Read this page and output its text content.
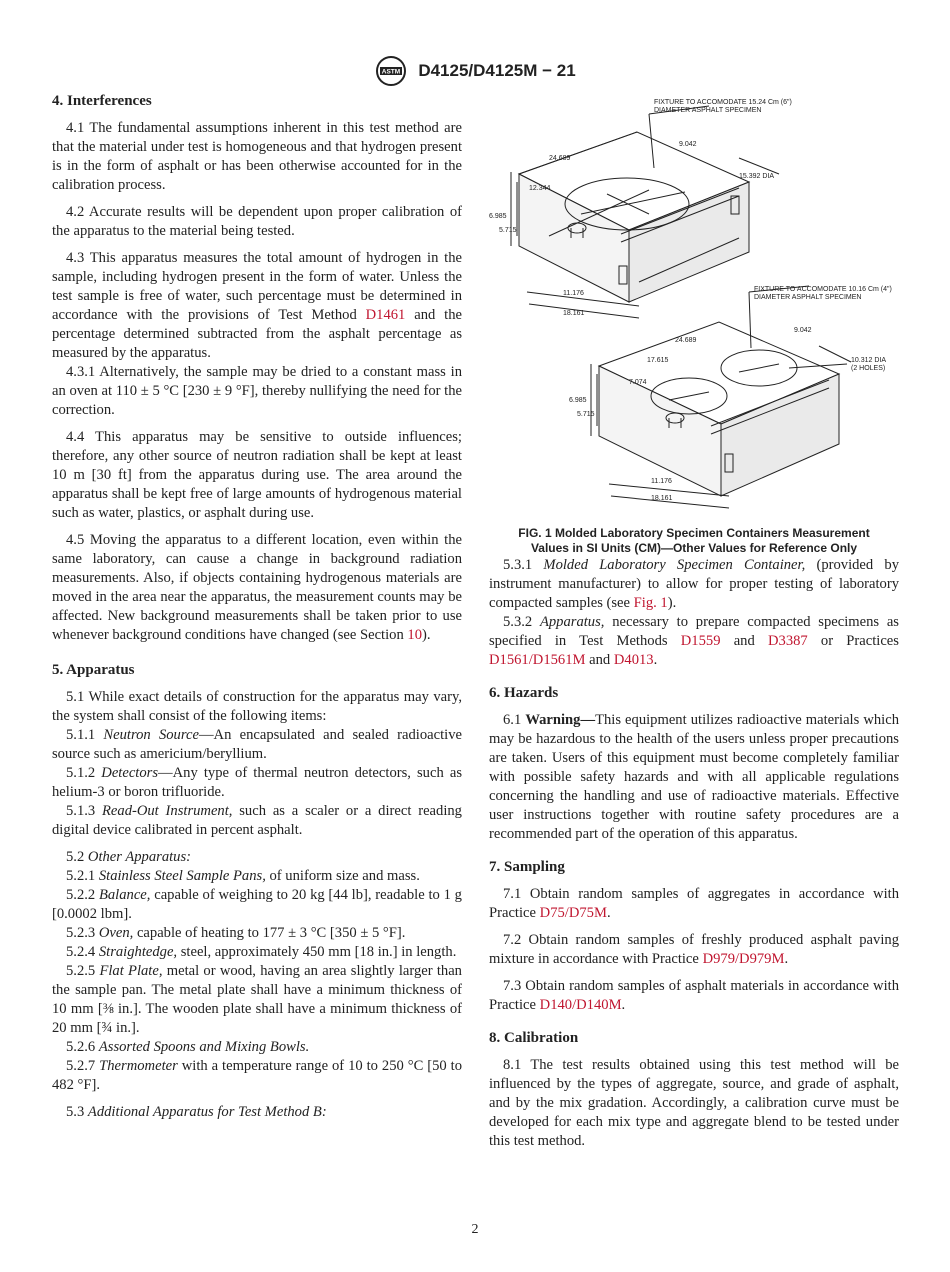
ASTM D4125/D4125M − 21
4. Interferences

4.1 The fundamental assumptions inherent in this test method are that the material under test is homogeneous and that hydrogen present is in the form of asphalt or has been otherwise accounted for in the calibration process.

4.2 Accurate results will be dependent upon proper calibration of the apparatus to the material being tested.

4.3 This apparatus measures the total amount of hydrogen in the sample, including hydrogen present in the form of water. Unless the test sample is free of water, such percentage must be determined in accordance with the provisions of Test Method D1461 and the percentage determined subtracted from the asphalt percentage as measured by the apparatus.

4.3.1 Alternatively, the sample may be dried to a constant mass in an oven at 110 ± 5 °C [230 ± 9 °F], thereby nullifying the need for the correction.

4.4 This apparatus may be sensitive to outside influences; therefore, any other source of neutron radiation shall be kept at least 10 m [30 ft] from the apparatus during use. The area around the apparatus shall be kept free of large amounts of hydrogenous material such as water, plastics, or asphalt during use.

4.5 Moving the apparatus to a different location, even within the same laboratory, can cause a change in background radiation measurements. Also, if objects containing hydrogenous materials are moved in the area near the apparatus, the measurement counts may be affected. New background measurements shall be taken prior to use whenever background conditions have changed (see Section 10).

5. Apparatus

5.1 While exact details of construction for the apparatus may vary, the system shall consist of the following items:

5.1.1 Neutron Source—An encapsulated and sealed radioactive source such as americium/beryllium.

5.1.2 Detectors—Any type of thermal neutron detectors, such as helium-3 or boron trifluoride.

5.1.3 Read-Out Instrument, such as a scaler or a direct reading digital device calibrated in percent asphalt.

5.2 Other Apparatus:

5.2.1 Stainless Steel Sample Pans, of uniform size and mass.

5.2.2 Balance, capable of weighing to 20 kg [44 lb], readable to 1 g [0.0002 lbm].

5.2.3 Oven, capable of heating to 177 ± 3 °C [350 ± 5 °F].

5.2.4 Straightedge, steel, approximately 450 mm [18 in.] in length.

5.2.5 Flat Plate, metal or wood, having an area slightly larger than the sample pan. The metal plate shall have a minimum thickness of 10 mm [⅜ in.]. The wooden plate shall have a minimum thickness of 20 mm [¾ in.].

5.2.6 Assorted Spoons and Mixing Bowls.

5.2.7 Thermometer with a temperature range of 10 to 250 °C [50 to 482 °F].

5.3 Additional Apparatus for Test Method B:

FIXTURE TO ACCOMODATE 15.24 Cm (6")
DIAMETER ASPHALT SPECIMEN
9.042
24.689
12.344
15.392 DIA
6.985
5.715
11.176
18.161
FIXTURE TO ACCOMODATE 10.16 Cm (4")
DIAMETER ASPHALT SPECIMEN
24.689
9.042
17.615	10.312 DIA
(2 HOLES)
7.074
6.985
5.715
11.176
18.161

FIG. 1 Molded Laboratory Specimen Containers Measurement
Values in SI Units (CM)—Other Values for Reference Only

5.3.1 Molded Laboratory Specimen Container, (provided by instrument manufacturer) to allow for proper testing of laboratory compacted samples (see Fig. 1).

5.3.2 Apparatus, necessary to prepare compacted specimens as specified in Test Methods D1559 and D3387 or Practices D1561/D1561M and D4013.

6. Hazards

6.1 Warning—This equipment utilizes radioactive materials which may be hazardous to the health of the users unless proper precautions are taken. Users of this equipment must become completely familiar with possible safety hazards and with all applicable regulations concerning the handling and use of radioactive materials. Effective user instructions together with routine safety procedures are a recommended part of the operation of this apparatus.

7. Sampling

7.1 Obtain random samples of aggregates in accordance with Practice D75/D75M.

7.2 Obtain random samples of freshly produced asphalt paving mixture in accordance with Practice D979/D979M.

7.3 Obtain random samples of asphalt materials in accordance with Practice D140/D140M.

8. Calibration

8.1 The test results obtained using this test method will be influenced by the types of aggregate, source, and grade of asphalt, and by the mix gradation. Accordingly, a calibration curve must be developed for each mix type and aggregate blend to be tested under this test method.

2
